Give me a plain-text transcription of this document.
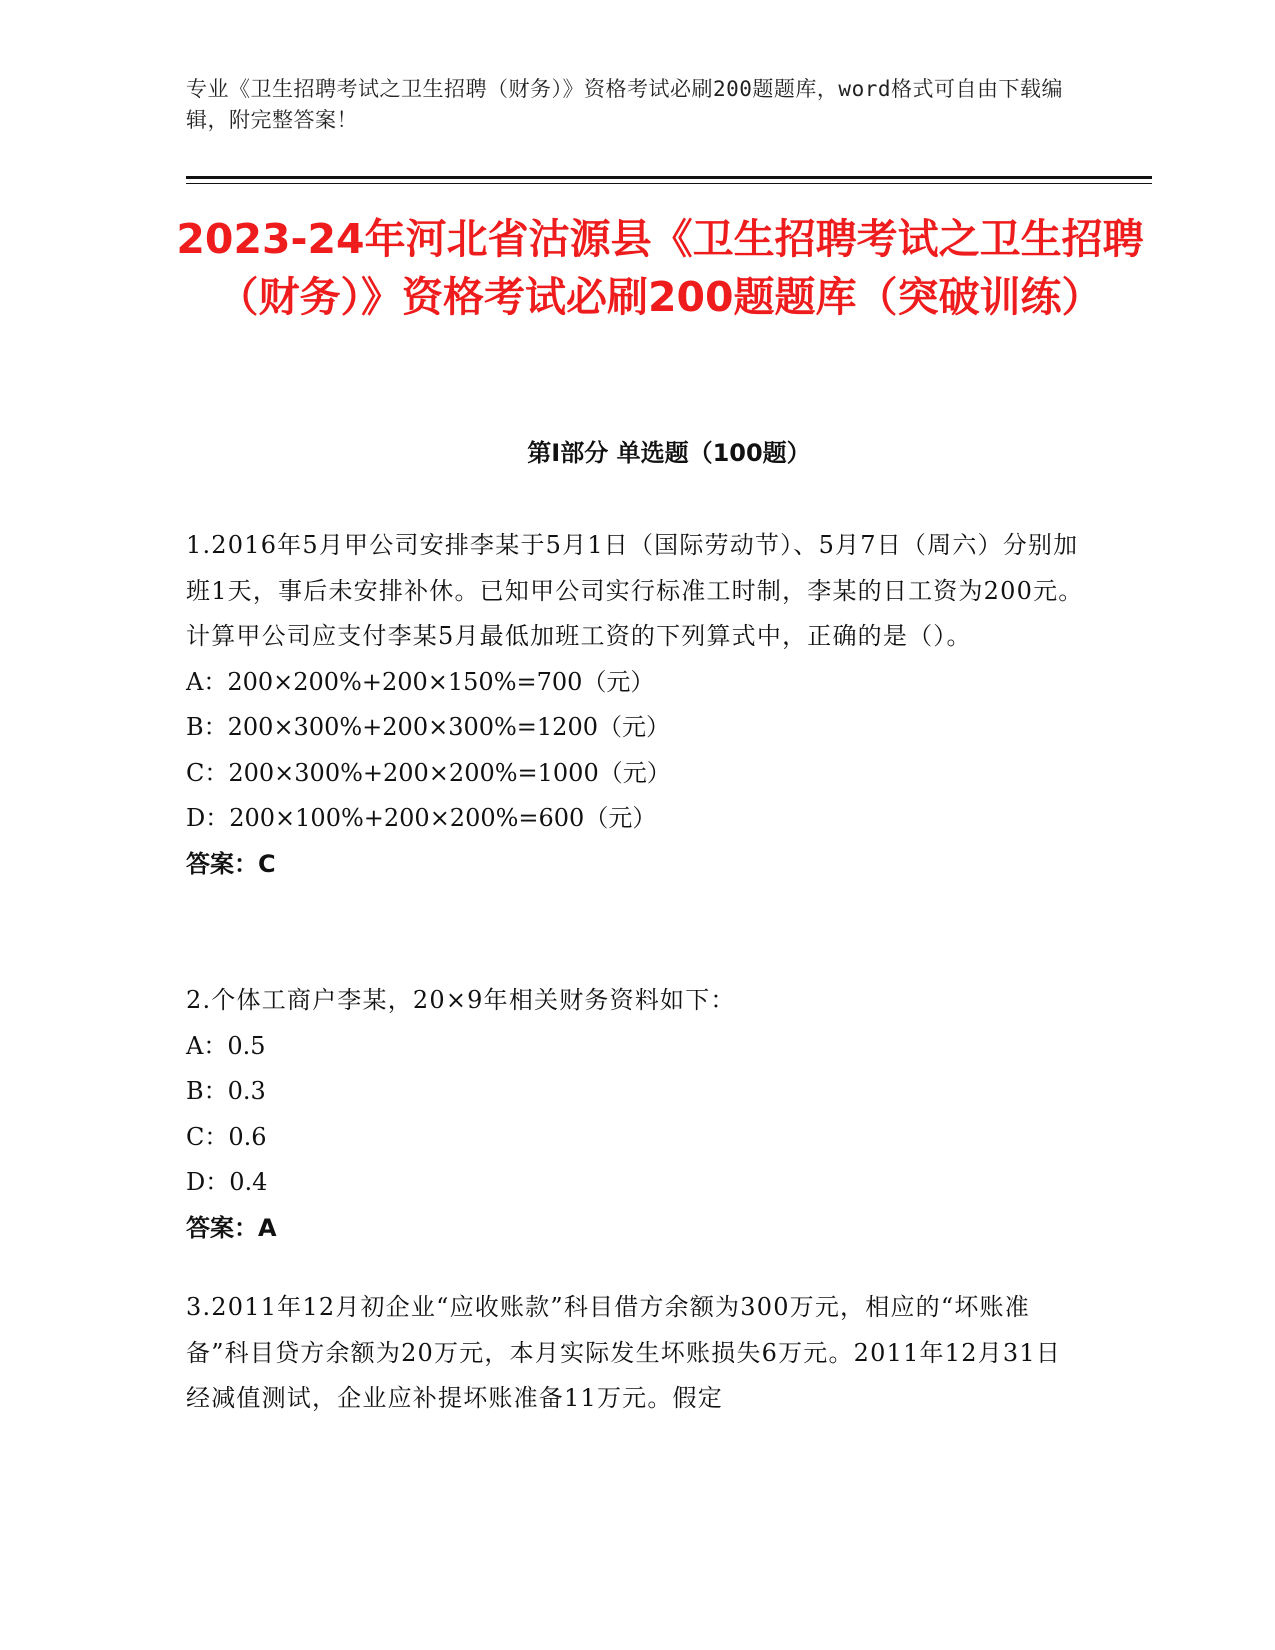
专业《卫生招聘考试之卫生招聘（财务）》资格考试必刷200题题库，word格式可自由下载编辑，附完整答案！

2023-24年河北省沽源县《卫生招聘考试之卫生招聘（财务）》资格考试必刷200题题库（突破训练）
第I部分 单选题（100题）

1.2016年5月甲公司安排李某于5月1日（国际劳动节）、5月7日（周六）分别加班1天，事后未安排补休。已知甲公司实行标准工时制，李某的日工资为200元。计算甲公司应支付李某5月最低加班工资的下列算式中，正确的是（）。

A：200×200%+200×150%=700（元）

B：200×300%+200×300%=1200（元）

C：200×300%+200×200%=1000（元）

D：200×100%+200×200%=600（元）

答案：C

2.个体工商户李某，20×9年相关财务资料如下：

A：0.5

B：0.3

C：0.6

D：0.4

答案：A

3.2011年12月初企业“应收账款”科目借方余额为300万元，相应的“坏账准备”科目贷方余额为20万元，本月实际发生坏账损失6万元。2011年12月31日经减值测试，企业应补提坏账准备11万元。假定
